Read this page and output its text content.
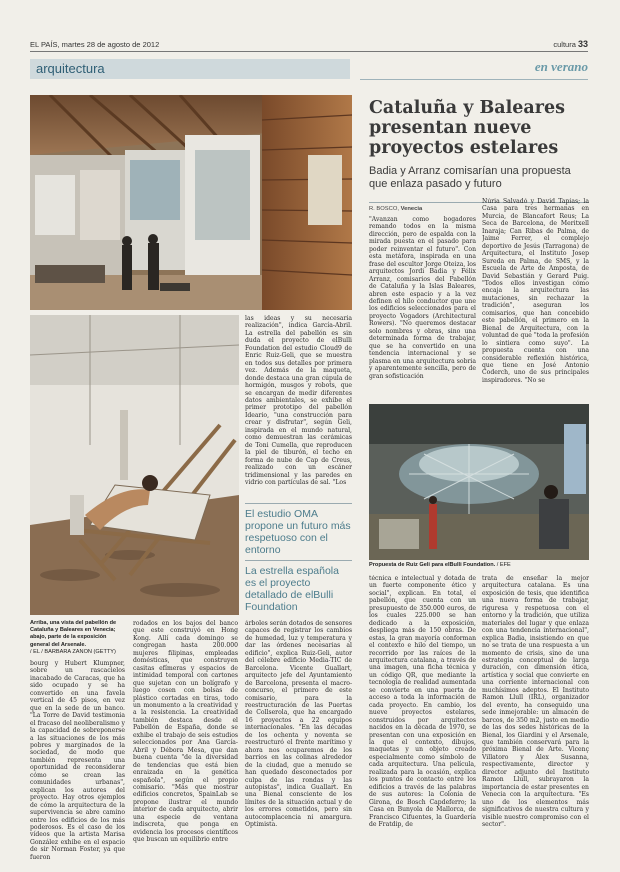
EL PAÍS, martes 28 de agosto de 2012	cultura 33
arquitectura	en verano
Cataluña y Baleares presentan nueve proyectos estelares
Badia y Arranz comisarían una propuesta que enlaza pasado y futuro
R. BOSCO, Venecia

"Avanzan como bogadores remando todos en la misma dirección, pero de espalda con la mirada puesta en el pasado para poder reinventar el futuro". Con esta metáfora, inspirada en una frase del escultor Jorge Oteiza, los arquitectos Jordi Badia y Félix Arranz, comisarios del Pabellón de Cataluña y la Islas Baleares, abren este espacio y a la vez definen el hilo conductor que une los edificios seleccionados para el proyecto Vogadors (Architectural Rowers). "No queremos destacar solo nombres y obras, sino una determinada forma de trabajar, que se ha convertido en una tendencia internacional y se plasma en una arquitectura sobria y aparentemente sencilla, pero de gran sofisticación

Núria Salvadó y David Tapias; la Casa para tres hermanas en Murcia, de Blancafort Reus; La Seca de Barcelona, de Meritxell Inaraja; Can Ribas de Palma, de Jaime Ferrer, el complejo deportivo de Jesús (Tarragona) de Arquitectura, el Instituto Josep Sureda en Palma, de SMS, y la Escuela de Arte de Amposta, de David Sebastián y Gerard Puig. "Todos ellos investigan cómo encaja la arquitectura las mutaciones, sin rechazar la tradición", aseguran los comisarios, que han concebido este pabellón, el primero en la Bienal de Arquitectura, con la voluntad de que "toda la profesión lo sintiera como suyo". La propuesta cuenta con una considerable reflexión histórica, que tiene en José Antonio Coderch, uno de sus principales inspiradores. "No se

Propuesta de Ruiz Geli para elBulli Foundation. / EFE

técnica e intelectual y dotada de un fuerte componente ético y social", explican. En total, el pabellón, que cuenta con un presupuesto de 350.000 euros, de los cuales 225.000 se han dedicado a la exposición, despliega más de 150 obras. De estas, la gran mayoría conforman el contexto e hilo del tiempo, un recorrido por las raíces de la arquitectura catalana, a través de una imagen, una ficha técnica y un código QR, que mediante la tecnología de realidad aumentada se convierte en una puerta de acceso a toda la información de cada proyecto. En cambio, los nueve proyectos estelares, construidos por arquitectos nacidos en la década de 1970, se presentan con una exposición en la que el contexto, dibujos, maquetas y un objeto creado especialmente como símbolo de cada arquitectura. Una película, realizada para la ocasión, explica los puntos de contacto entre los edificios a través de las palabras de sus autores: la Colonia de Girona, de Bosch Capdeferro; la Casa en Bunyola de Mallorca, de Francisco Cifuentes, la Guardería de Fratdip, de

trata de enseñar la mejor arquitectura catalana. Es una exposición de tesis, que identifica una nueva forma de trabajar, riguresa y respetuosa con el entorno y la tradición, que utiliza materiales del lugar y que enlaza con una tendencia internacional", explica Badia, insistiendo en que no se trata de una respuesta a un momento de crisis, sino de una estrategia conceptual de larga duración, con dimensión ética, artística y social que convierte en una corriente internacional con muchísimos adeptos. El Instituto Ramon Llull (IRL), organizador del evento, ha conseguido una sede inmejorable: un almacén de barcos, de 350 m2, justo en medio de las dos sedes históricas de la Bienal, los Giardini y el Arsenale, que también conservará para la próxima Bienal de Arte. Vicenç Villatoro y Àlex Susanna, respectivamente, director y director adjunto del Instituto Ramon Llull, subrayaron la importancia de estar presentes en Venecia con la arquitectura. "Es uno de los elementos más significativos de nuestra cultura y visible nuestro compromiso con el sector".

las ideas y su necesaria realización", indica García-Abril. La estrella del pabellón es sin duda el proyecto de elBulli Foundation del estudio Cloud9 de Enric Ruiz-Geli, que se muestra en todos sus detalles por primera vez. Además de la maqueta, donde destaca una gran cúpula de hormigón, musgos y robots, que se encargan de medir diferentes datos ambientales, se exhibe el primer prototipo del pabellón Ideario, "una construcción para crear y disfrutar", según Geli, inspirada en el mundo natural, como demuestran las cerámicas de Toni Cumella, que reproducen la piel de tiburón, el techo en forma de nube de Cap de Creus, realizado con un escáner tridimensional y las paredes en vidrio con partículas de sal. "Los

El estudio OMA propone un futuro más respetuoso con el entorno
La estrella española es el proyecto detallado de elBulli Foundation
Arriba, una vista del pabellón de Cataluña y Baleares en Venecia; abajo, parte de la exposición general del Arsenale.
/ EL / BARBARA ZANON (GETTY)

bourg y Hubert Klumpner, sobre un rascacielos inacabado de Caracas, que ha sido ocupado y se ha convertido en una favela vertical de 45 pisos, en vez que en la sede de un banco. "La Torre de David testimonia el fracaso del neoliberalismo y la capacidad de sobreponerse a las situaciones de los más pobres y marginados de la sociedad, de modo que también representa una oportunidad de reconsiderar cómo se crean las comunidades urbanas", explican los autores del proyecto. Hay otros ejemplos de cómo la arquitectura de la supervivencia se abre camino entre los edificios de los más poderosos. Es el caso de los vídeos que la artista Marisa González exhibe en el espacio de sir Norman Foster, ya que fueron

rodados en los bajos del banco que este construyó en Hong Kong. Allí cada domingo se congregan hasta 200.000 mujeres filipinas, empleadas domésticas, que construyen casitas efímeras y espacios de intimidad temporal con cartones que sujetan con un bolígrafo y luego cosen con bolsas de plástico cortadas en tiras, todo un monumento a la creatividad y a la resistencia. La creatividad también destaca desde el Pabellón de España, donde se exhibe el trabajo de seis estudios seleccionados por Ana García-Abril y Débora Mesa, que dan buena cuenta "de la diversidad de tendencias que está bien enraizada en la genética española", según el propio comisario. "Más que mostrar edificios concretos, SpainLab se propone ilustrar el mundo interior de cada arquitecto, abrir una especie de ventana indiscreta, que ponga en evidencia los procesos científicos que buscan un equilibrio entre

árboles serán dotados de sensores capaces de registrar los cambios de humedad, luz y temperatura y dar las órdenes necesarias al edificio", explica Ruiz-Geli, autor del célebre edificio Media-TIC de Barcelona. Vicente Guallart, arquitecto jefe del Ayuntamiento de Barcelona, presenta el macro-concurso, el primero de este comisario, para la reestructuración de las Puertas de Collserola, que ha encargado 16 proyectos a 22 equipos internacionales. "En las décadas de los ochenta y noventa se reestructuró el frente marítimo y ahora nos ocuparemos de los barrios en las colinas alrededor de la ciudad, que a menudo se han quedado desconectados por culpa de las rondas y las autopistas", indica Guallart. En una Bienal consciente de los límites de la situación actual y de los errores cometidos, pero sin autocomplacencia ni amargura. Optimista.
